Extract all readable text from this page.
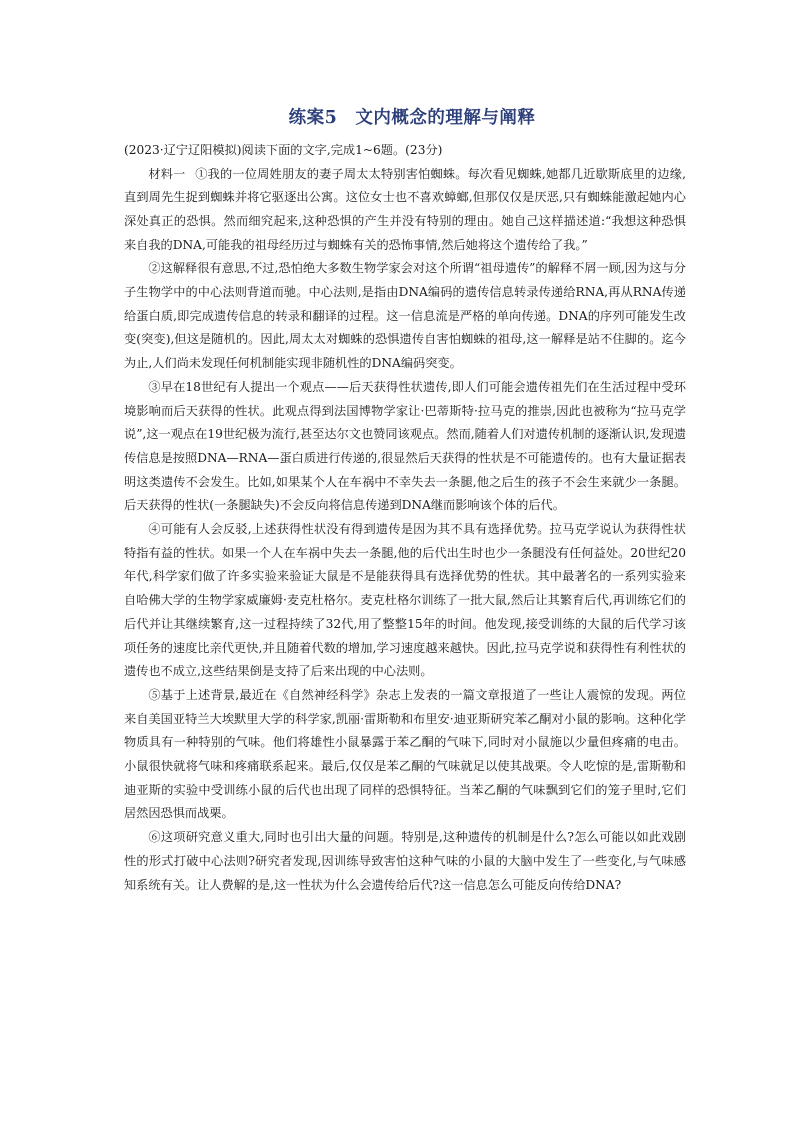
练案5　文内概念的理解与阐释

(2023·辽宁辽阳模拟)阅读下面的文字,完成1~6题。(23分)

材料一 ①我的一位周姓朋友的妻子周太太特别害怕蜘蛛。每次看见蜘蛛,她都几近歇斯底里的边缘,直到周先生捉到蜘蛛并将它驱逐出公寓。这位女士也不喜欢蟑螂,但那仅仅是厌恶,只有蜘蛛能激起她内心深处真正的恐惧。然而细究起来,这种恐惧的产生并没有特别的理由。她自己这样描述道:“我想这种恐惧来自我的DNA,可能我的祖母经历过与蜘蛛有关的恐怖事情,然后她将这个遗传给了我。”

②这解释很有意思,不过,恐怕绝大多数生物学家会对这个所谓“祖母遗传”的解释不屑一顾,因为这与分子生物学中的中心法则背道而驰。中心法则,是指由DNA编码的遗传信息转录传递给RNA,再从RNA传递给蛋白质,即完成遗传信息的转录和翻译的过程。这一信息流是严格的单向传递。DNA的序列可能发生改变(突变),但这是随机的。因此,周太太对蜘蛛的恐惧遗传自害怕蜘蛛的祖母,这一解释是站不住脚的。迄今为止,人们尚未发现任何机制能实现非随机性的DNA编码突变。

③早在18世纪有人提出一个观点——后天获得性状遗传,即人们可能会遗传祖先们在生活过程中受环境影响而后天获得的性状。此观点得到法国博物学家让·巴蒂斯特·拉马克的推崇,因此也被称为“拉马克学说”,这一观点在19世纪极为流行,甚至达尔文也赞同该观点。然而,随着人们对遗传机制的逐渐认识,发现遗传信息是按照DNA—RNA—蛋白质进行传递的,很显然后天获得的性状是不可能遗传的。也有大量证据表明这类遗传不会发生。比如,如果某个人在车祸中不幸失去一条腿,他之后生的孩子不会生来就少一条腿。后天获得的性状(一条腿缺失)不会反向将信息传递到DNA继而影响该个体的后代。

④可能有人会反驳,上述获得性状没有得到遗传是因为其不具有选择优势。拉马克学说认为获得性状特指有益的性状。如果一个人在车祸中失去一条腿,他的后代出生时也少一条腿没有任何益处。20世纪20年代,科学家们做了许多实验来验证大鼠是不是能获得具有选择优势的性状。其中最著名的一系列实验来自哈佛大学的生物学家威廉姆·麦克杜格尔。麦克杜格尔训练了一批大鼠,然后让其繁育后代,再训练它们的后代并让其继续繁育,这一过程持续了32代,用了整整15年的时间。他发现,接受训练的大鼠的后代学习该项任务的速度比亲代更快,并且随着代数的增加,学习速度越来越快。因此,拉马克学说和获得性有利性状的遗传也不成立,这些结果倒是支持了后来出现的中心法则。

⑤基于上述背景,最近在《自然神经科学》杂志上发表的一篇文章报道了一些让人震惊的发现。两位来自美国亚特兰大埃默里大学的科学家,凯丽·雷斯勒和布里安·迪亚斯研究苯乙酮对小鼠的影响。这种化学物质具有一种特别的气味。他们将雄性小鼠暴露于苯乙酮的气味下,同时对小鼠施以少量但疼痛的电击。小鼠很快就将气味和疼痛联系起来。最后,仅仅是苯乙酮的气味就足以使其战栗。令人吃惊的是,雷斯勒和迪亚斯的实验中受训练小鼠的后代也出现了同样的恐惧特征。当苯乙酮的气味飘到它们的笼子里时,它们居然因恐惧而战栗。

⑥这项研究意义重大,同时也引出大量的问题。特别是,这种遗传的机制是什么?怎么可能以如此戏剧性的形式打破中心法则?研究者发现,因训练导致害怕这种气味的小鼠的大脑中发生了一些变化,与气味感知系统有关。让人费解的是,这一性状为什么会遗传给后代?这一信息怎么可能反向传给DNA?
